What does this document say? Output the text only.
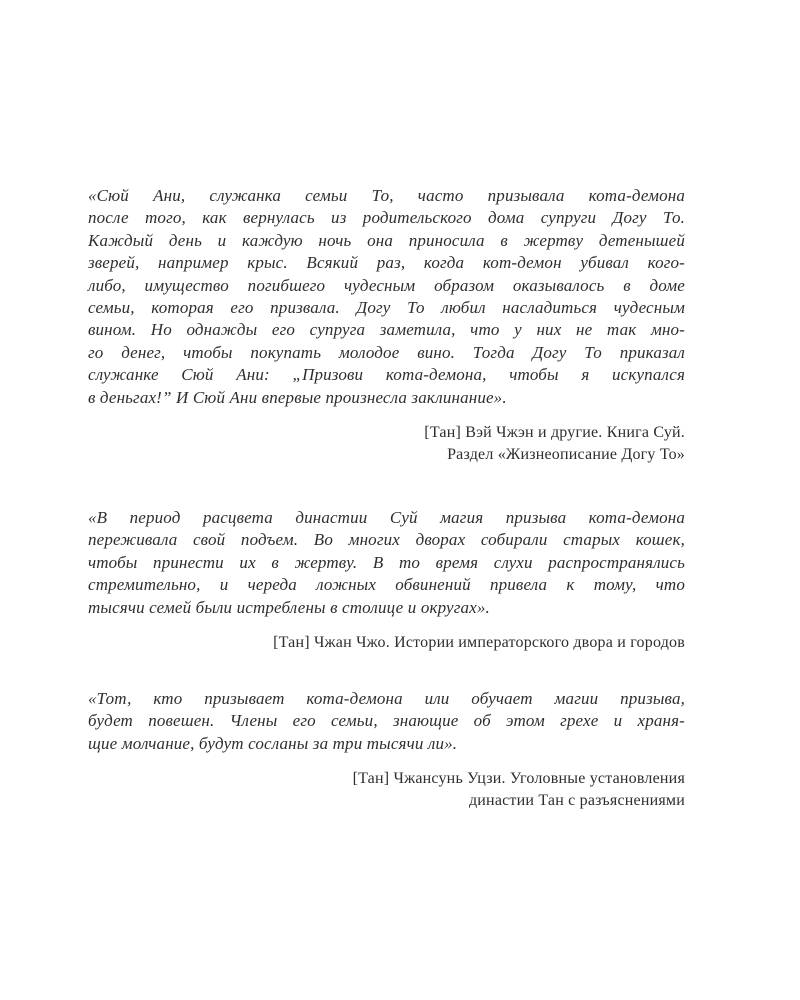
«Сюй Ани, служанка семьи То, часто призывала кота-демона
после того, как вернулась из родительского дома супруги Догу То.
Каждый день и каждую ночь она приносила в жертву детенышей
зверей, например крыс. Всякий раз, когда кот-демон убивал кого-
либо, имущество погибшего чудесным образом оказывалось в доме
семьи, которая его призвала. Догу То любил насладиться чудесным
вином. Но однажды его супруга заметила, что у них не так мно-
го денег, чтобы покупать молодое вино. Тогда Догу То приказал
служанке Сюй Ани: „Призови кота-демона, чтобы я искупался
в деньгах!” И Сюй Ани впервые произнесла заклинание».
[Тан] Вэй Чжэн и другие. Книга Суй.
Раздел «Жизнеописание Догу То»
«В период расцвета династии Суй магия призыва кота-демона
переживала свой подъем. Во многих дворах собирали старых кошек,
чтобы принести их в жертву. В то время слухи распространялись
стремительно, и череда ложных обвинений привела к тому, что
тысячи семей были истреблены в столице и округах».
[Тан] Чжан Чжо. Истории императорского двора и городов
«Тот, кто призывает кота-демона или обучает магии призыва,
будет повешен. Члены его семьи, знающие об этом грехе и храня-
щие молчание, будут сосланы за три тысячи ли».
[Тан] Чжансунь Уцзи. Уголовные установления
династии Тан с разъяснениями
